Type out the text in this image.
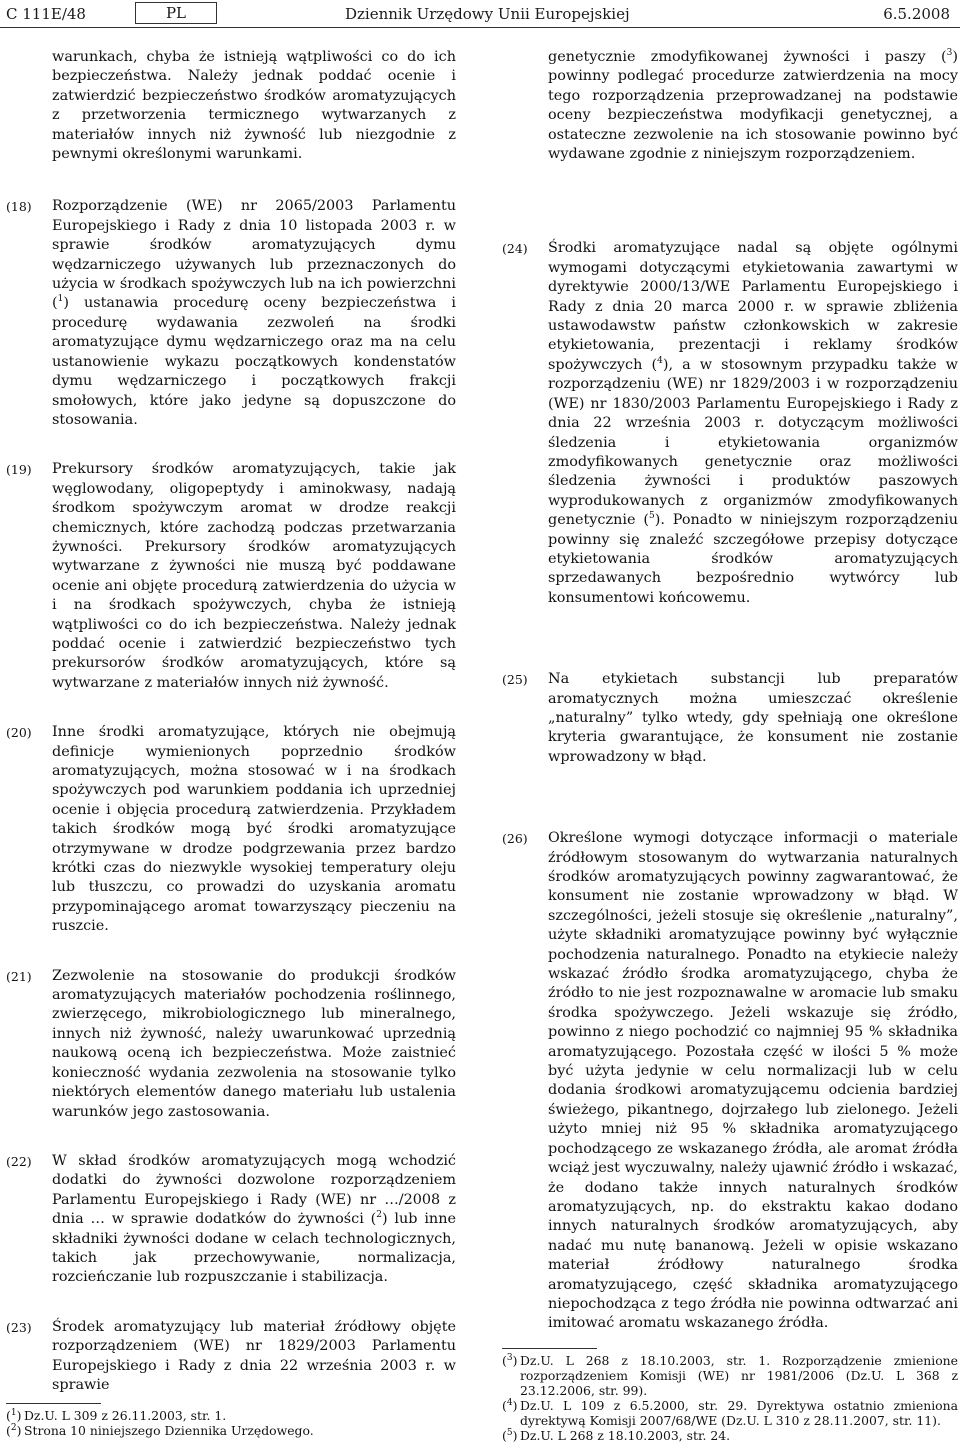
C 111E/48	PL	Dziennik Urzędowy Unii Europejskiej	6.5.2008

warunkach, chyba że istnieją wątpliwości co do ich bezpieczeństwa. Należy jednak poddać ocenie i zatwierdzić bezpieczeństwo środków aromatyzujących z przetworzenia termicznego wytwarzanych z materiałów innych niż żywność lub niezgodnie z pewnymi określonymi warunkami.

(18) Rozporządzenie (WE) nr 2065/2003 Parlamentu Europejskiego i Rady z dnia 10 listopada 2003 r. w sprawie środków aromatyzujących dymu wędzarniczego używanych lub przeznaczonych do użycia w środkach spożywczych lub na ich powierzchni ($^1$) ustanawia procedurę oceny bezpieczeństwa i procedurę wydawania zezwoleń na środki aromatyzujące dymu wędzarniczego oraz ma na celu ustanowienie wykazu początkowych kondenstatów dymu wędzarniczego i początkowych frakcji smołowych, które jako jedyne są dopuszczone do stosowania.

(19) Prekursory środków aromatyzujących, takie jak węglowodany, oligopeptydy i aminokwasy, nadają środkom spożywczym aromat w drodze reakcji chemicznych, które zachodzą podczas przetwarzania żywności. Prekursory środków aromatyzujących wytwarzane z żywności nie muszą być poddawane ocenie ani objęte procedurą zatwierdzenia do użycia w i na środkach spożywczych, chyba że istnieją wątpliwości co do ich bezpieczeństwa. Należy jednak poddać ocenie i zatwierdzić bezpieczeństwo tych prekursorów środków aromatyzujących, które są wytwarzane z materiałów innych niż żywność.

(20) Inne środki aromatyzujące, których nie obejmują definicje wymienionych poprzednio środków aromatyzujących, można stosować w i na środkach spożywczych pod warunkiem poddania ich uprzedniej ocenie i objęcia procedurą zatwierdzenia. Przykładem takich środków mogą być środki aromatyzujące otrzymywane w drodze podgrzewania przez bardzo krótki czas do niezwykle wysokiej temperatury oleju lub tłuszczu, co prowadzi do uzyskania aromatu przypominającego aromat towarzyszący pieczeniu na ruszcie.

(21) Zezwolenie na stosowanie do produkcji środków aromatyzujących materiałów pochodzenia roślinnego, zwierzęcego, mikrobiologicznego lub mineralnego, innych niż żywność, należy uwarunkować uprzednią naukową oceną ich bezpieczeństwa. Może zaistnieć konieczność wydania zezwolenia na stosowanie tylko niektórych elementów danego materiału lub ustalenia warunków jego zastosowania.

(22) W skład środków aromatyzujących mogą wchodzić dodatki do żywności dozwolone rozporządzeniem Parlamentu Europejskiego i Rady (WE) nr …/2008 z dnia … w sprawie dodatków do żywności ($^2$) lub inne składniki żywności dodane w celach technologicznych, takich jak przechowywanie, normalizacja, rozcieńczanie lub rozpuszczanie i stabilizacja.

(23) Środek aromatyzujący lub materiał źródłowy objęte rozporządzeniem (WE) nr 1829/2003 Parlamentu Europejskiego i Rady z dnia 22 września 2003 r. w sprawie

($^1$) Dz.U. L 309 z 26.11.2003, str. 1.

($^2$) Strona 10 niniejszego Dziennika Urzędowego.

genetycznie zmodyfikowanej żywności i paszy ($^3$) powinny podlegać procedurze zatwierdzenia na mocy tego rozporządzenia przeprowadzanej na podstawie oceny bezpieczeństwa modyfikacji genetycznej, a ostateczne zezwolenie na ich stosowanie powinno być wydawane zgodnie z niniejszym rozporządzeniem.

(24) Środki aromatyzujące nadal są objęte ogólnymi wymogami dotyczącymi etykietowania zawartymi w dyrektywie 2000/13/WE Parlamentu Europejskiego i Rady z dnia 20 marca 2000 r. w sprawie zbliżenia ustawodawstw państw członkowskich w zakresie etykietowania, prezentacji i reklamy środków spożywczych ($^4$), a w stosownym przypadku także w rozporządzeniu (WE) nr 1829/2003 i w rozporządzeniu (WE) nr 1830/2003 Parlamentu Europejskiego i Rady z dnia 22 września 2003 r. dotyczącym możliwości śledzenia i etykietowania organizmów zmodyfikowanych genetycznie oraz możliwości śledzenia żywności i produktów paszowych wyprodukowanych z organizmów zmodyfikowanych genetycznie ($^5$). Ponadto w niniejszym rozporządzeniu powinny się znaleźć szczegółowe przepisy dotyczące etykietowania środków aromatyzujących sprzedawanych bezpośrednio wytwórcy lub konsumentowi końcowemu.

(25) Na etykietach substancji lub preparatów aromatycznych można umieszczać określenie „naturalny” tylko wtedy, gdy spełniają one określone kryteria gwarantujące, że konsument nie zostanie wprowadzony w błąd.

(26) Określone wymogi dotyczące informacji o materiale źródłowym stosowanym do wytwarzania naturalnych środków aromatyzujących powinny zagwarantować, że konsument nie zostanie wprowadzony w błąd. W szczególności, jeżeli stosuje się określenie „naturalny”, użyte składniki aromatyzujące powinny być wyłącznie pochodzenia naturalnego. Ponadto na etykiecie należy wskazać źródło środka aromatyzującego, chyba że źródło to nie jest rozpoznawalne w aromacie lub smaku środka spożywczego. Jeżeli wskazuje się źródło, powinno z niego pochodzić co najmniej 95 % składnika aromatyzującego. Pozostała część w ilości 5 % może być użyta jedynie w celu normalizacji lub w celu dodania środkowi aromatyzującemu odcienia bardziej świeżego, pikantnego, dojrzałego lub zielonego. Jeżeli użyto mniej niż 95 % składnika aromatyzującego pochodzącego ze wskazanego źródła, ale aromat źródła wciąż jest wyczuwalny, należy ujawnić źródło i wskazać, że dodano także innych naturalnych środków aromatyzujących, np. do ekstraktu kakao dodano innych naturalnych środków aromatyzujących, aby nadać mu nutę bananową. Jeżeli w opisie wskazano materiał źródłowy naturalnego środka aromatyzującego, część składnika aromatyzującego niepochodząca z tego źródła nie powinna odtwarzać ani imitować aromatu wskazanego źródła.

($^3$) Dz.U. L 268 z 18.10.2003, str. 1. Rozporządzenie zmienione rozporządzeniem Komisji (WE) nr 1981/2006 (Dz.U. L 368 z 23.12.2006, str. 99).

($^4$) Dz.U. L 109 z 6.5.2000, str. 29. Dyrektywa ostatnio zmieniona dyrektywą Komisji 2007/68/WE (Dz.U. L 310 z 28.11.2007, str. 11).

($^5$) Dz.U. L 268 z 18.10.2003, str. 24.
